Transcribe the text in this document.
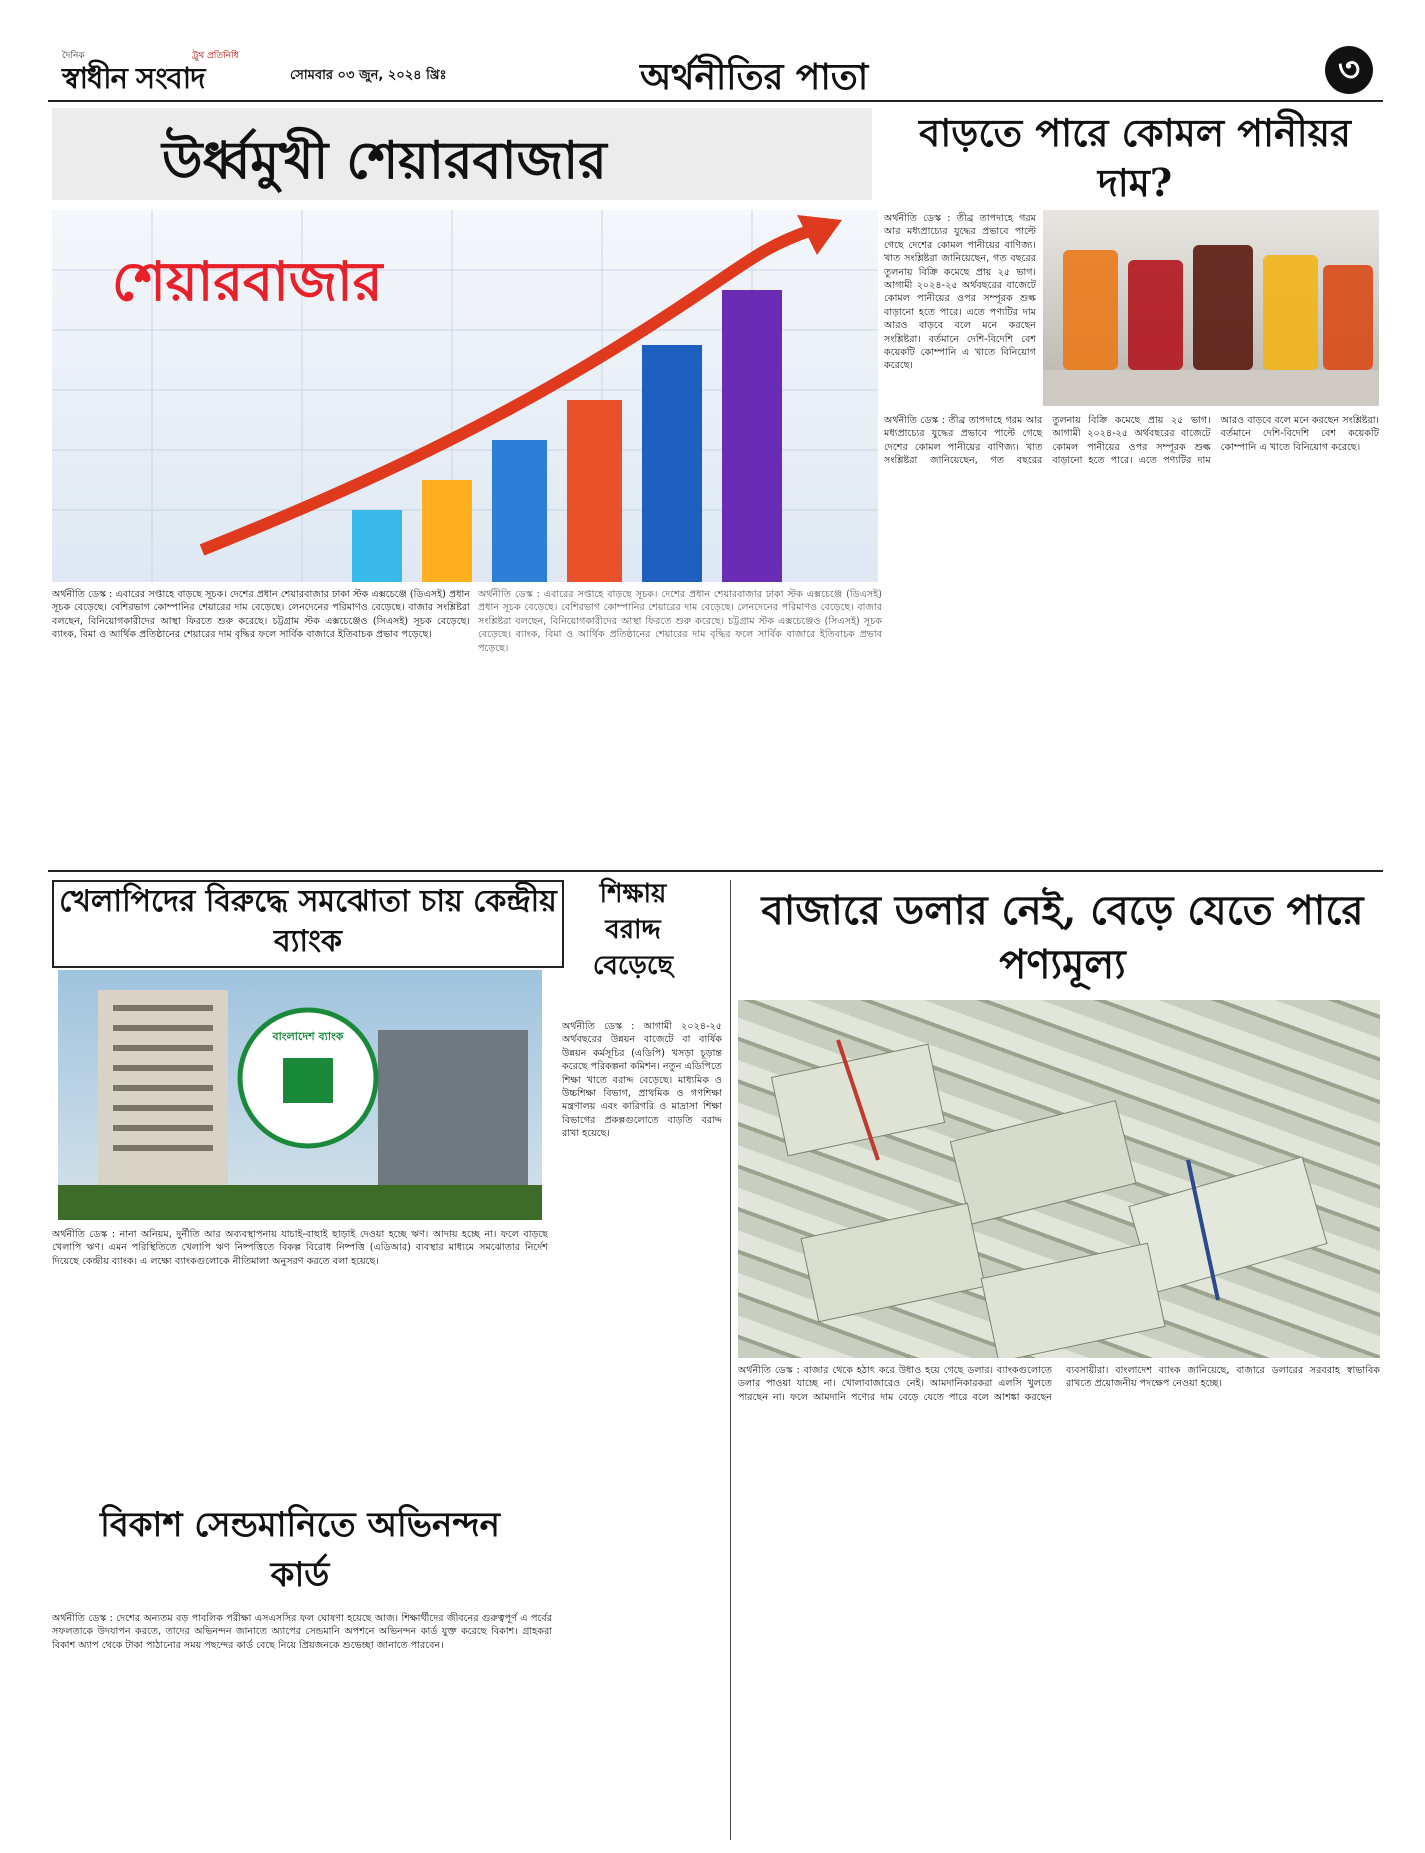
দৈনিক	ট্রুথ প্রতিনিধি
স্বাধীন সংবাদ	সোমবার ০৩ জুন, ২০২৪ খ্রিঃ	অর্থনীতির পাতা	৩
উর্ধ্বমুখী শেয়ারবাজার
শেয়ারবাজার
অর্থনীতি ডেস্ক : এবারের সপ্তাহে বাড়ছে সূচক। দেশের প্রধান শেয়ারবাজার ঢাকা স্টক এক্সচেঞ্জে (ডিএসই) প্রধান সূচক বেড়েছে। বেশিরভাগ কোম্পানির শেয়ারের দাম বেড়েছে। লেনদেনের পরিমাণও বেড়েছে। বাজার সংশ্লিষ্টরা বলছেন, বিনিয়োগকারীদের আস্থা ফিরতে শুরু করেছে। চট্টগ্রাম স্টক এক্সচেঞ্জেও (সিএসই) সূচক বেড়েছে। ব্যাংক, বিমা ও আর্থিক প্রতিষ্ঠানের শেয়ারের দাম বৃদ্ধির ফলে সার্বিক বাজারে ইতিবাচক প্রভাব পড়েছে।
অর্থনীতি ডেস্ক : এবারের সপ্তাহে বাড়ছে সূচক। দেশের প্রধান শেয়ারবাজার ঢাকা স্টক এক্সচেঞ্জে (ডিএসই) প্রধান সূচক বেড়েছে। বেশিরভাগ কোম্পানির শেয়ারের দাম বেড়েছে। লেনদেনের পরিমাণও বেড়েছে। বাজার সংশ্লিষ্টরা বলছেন, বিনিয়োগকারীদের আস্থা ফিরতে শুরু করেছে। চট্টগ্রাম স্টক এক্সচেঞ্জেও (সিএসই) সূচক বেড়েছে। ব্যাংক, বিমা ও আর্থিক প্রতিষ্ঠানের শেয়ারের দাম বৃদ্ধির ফলে সার্বিক বাজারে ইতিবাচক প্রভাব পড়েছে।
বাড়তে পারে কোমল পানীয়র দাম?
অর্থনীতি ডেস্ক : তীব্র তাপদাহে গরম আর মধ্যপ্রাচ্যের যুদ্ধের প্রভাবে পাল্টে গেছে দেশের কোমল পানীয়ের বাণিজ্য। খাত সংশ্লিষ্টরা জানিয়েছেন, গত বছরের তুলনায় বিক্রি কমেছে প্রায় ২৫ ভাগ। আগামী ২০২৪-২৫ অর্থবছরের বাজেটে কোমল পানীয়ের ওপর সম্পূরক শুল্ক বাড়ানো হতে পারে। এতে পণ্যটির দাম আরও বাড়বে বলে মনে করছেন সংশ্লিষ্টরা। বর্তমানে দেশি-বিদেশি বেশ কয়েকটি কোম্পানি এ খাতে বিনিয়োগ করেছে।
অর্থনীতি ডেস্ক : তীব্র তাপদাহে গরম আর মধ্যপ্রাচ্যের যুদ্ধের প্রভাবে পাল্টে গেছে দেশের কোমল পানীয়ের বাণিজ্য। খাত সংশ্লিষ্টরা জানিয়েছেন, গত বছরের তুলনায় বিক্রি কমেছে প্রায় ২৫ ভাগ। আগামী ২০২৪-২৫ অর্থবছরের বাজেটে কোমল পানীয়ের ওপর সম্পূরক শুল্ক বাড়ানো হতে পারে। এতে পণ্যটির দাম আরও বাড়বে বলে মনে করছেন সংশ্লিষ্টরা। বর্তমানে দেশি-বিদেশি বেশ কয়েকটি কোম্পানি এ খাতে বিনিয়োগ করেছে।
খেলাপিদের বিরুদ্ধে সমঝোতা চায় কেন্দ্রীয় ব্যাংক
বাংলাদেশ ব্যাংক
অর্থনীতি ডেস্ক : নানা অনিয়ম, দুর্নীতি আর অব্যবস্থাপনায় যাচাই-বাছাই ছাড়াই দেওয়া হচ্ছে ঋণ। আদায় হচ্ছে না। ফলে বাড়ছে খেলাপি ঋণ। এমন পরিস্থিতিতে খেলাপি ঋণ নিষ্পত্তিতে বিকল্প বিরোধ নিষ্পত্তি (এডিআর) ব্যবস্থার মাধ্যমে সমঝোতার নির্দেশ দিয়েছে কেন্দ্রীয় ব্যাংক। এ লক্ষ্যে ব্যাংকগুলোকে নীতিমালা অনুসরণ করতে বলা হয়েছে।
বিকাশ সেন্ডমানিতে অভিনন্দন কার্ড
অর্থনীতি ডেস্ক : দেশের অন্যতম বড় পাবলিক পরীক্ষা এসএসসির ফল ঘোষণা হয়েছে আজ। শিক্ষার্থীদের জীবনের গুরুত্বপূর্ণ এ পর্বের সফলতাকে উদযাপন করতে, তাদের অভিনন্দন জানাতে অ্যাপের সেন্ডমানি অপশনে অভিনন্দন কার্ড যুক্ত করেছে বিকাশ। গ্রাহকরা বিকাশ অ্যাপ থেকে টাকা পাঠানোর সময় পছন্দের কার্ড বেছে নিয়ে প্রিয়জনকে শুভেচ্ছা জানাতে পারবেন।
শিক্ষায় বরাদ্দ বেড়েছে
অর্থনীতি ডেস্ক : আগামী ২০২৪-২৫ অর্থবছরের উন্নয়ন বাজেটে বা বার্ষিক উন্নয়ন কর্মসূচির (এডিপি) খসড়া চূড়ান্ত করেছে পরিকল্পনা কমিশন। নতুন এডিপিতে শিক্ষা খাতে বরাদ্দ বেড়েছে। মাধ্যমিক ও উচ্চশিক্ষা বিভাগ, প্রাথমিক ও গণশিক্ষা মন্ত্রণালয় এবং কারিগরি ও মাদ্রাসা শিক্ষা বিভাগের প্রকল্পগুলোতে বাড়তি বরাদ্দ রাখা হয়েছে।
বাজারে ডলার নেই, বেড়ে যেতে পারে পণ্যমূল্য
অর্থনীতি ডেস্ক : বাজার থেকে হঠাৎ করে উধাও হয়ে গেছে ডলার। ব্যাংকগুলোতে ডলার পাওয়া যাচ্ছে না। খোলাবাজারেও নেই। আমদানিকারকরা এলসি খুলতে পারছেন না। ফলে আমদানি পণ্যের দাম বেড়ে যেতে পারে বলে আশঙ্কা করছেন ব্যবসায়ীরা। বাংলাদেশ ব্যাংক জানিয়েছে, বাজারে ডলারের সরবরাহ স্বাভাবিক রাখতে প্রয়োজনীয় পদক্ষেপ নেওয়া হচ্ছে।
